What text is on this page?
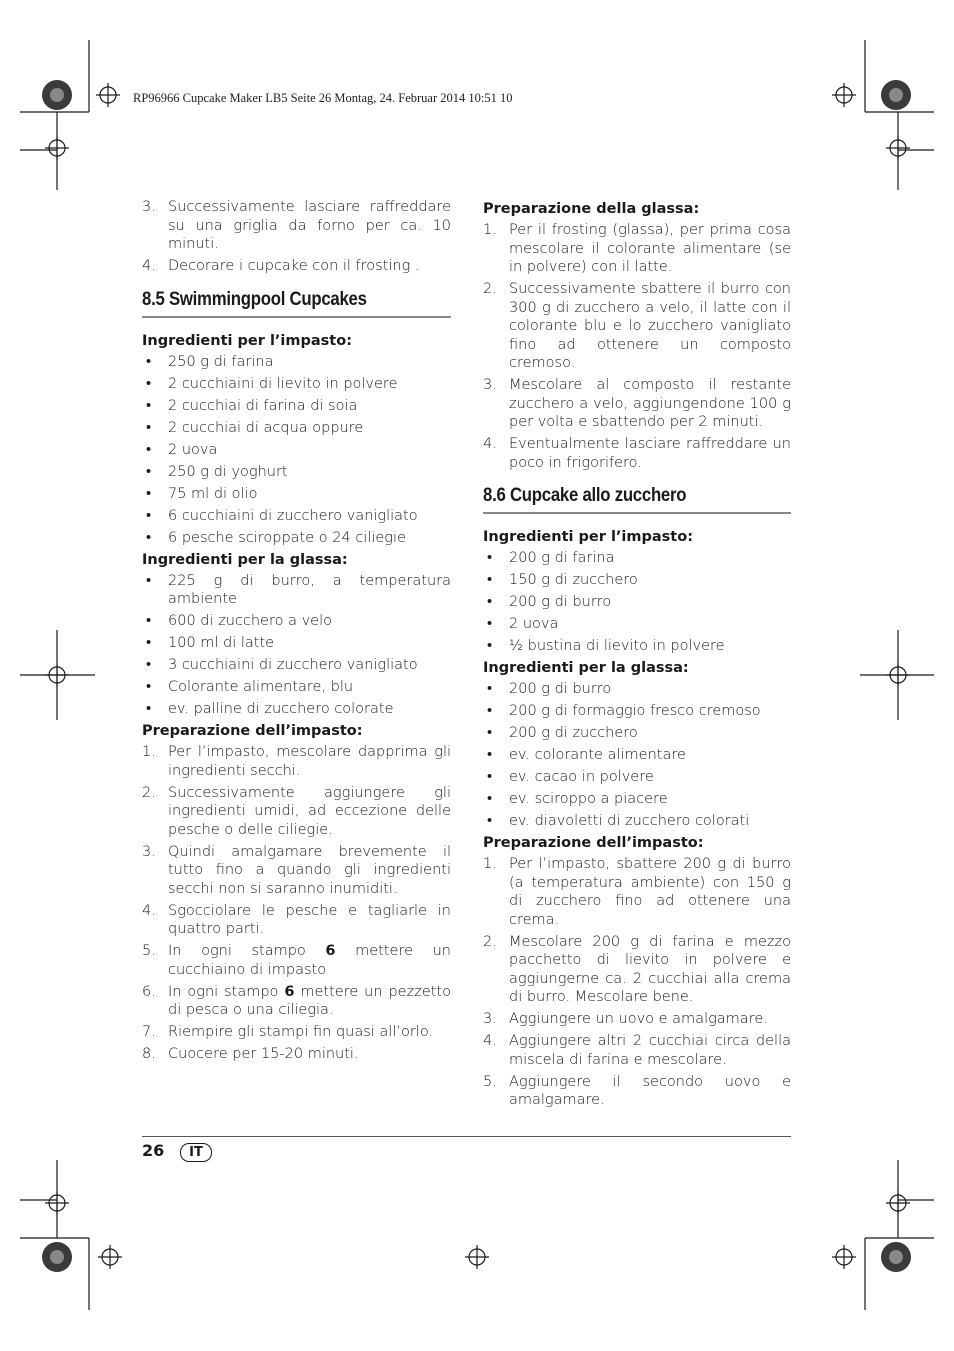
RP96966 Cupcake Maker LB5 Seite 26 Montag, 24. Februar 2014 10:51 10
3. Successivamente lasciare raffreddare su una griglia da forno per ca. 10 minuti.
4. Decorare i cupcake con il frosting .
8.5 Swimmingpool Cupcakes
Ingredienti per l’impasto:
•	250 g di farina
•	2 cucchiaini di lievito in polvere
•	2 cucchiai di farina di soia
•	2 cucchiai di acqua oppure
•	2 uova
•	250 g di yoghurt
•	75 ml di olio
•	6 cucchiaini di zucchero vanigliato
•	6 pesche sciroppate o 24 ciliegie
Ingredienti per la glassa:
•	225 g di burro, a temperatura ambiente
•	600 di zucchero a velo
•	100 ml di latte
•	3 cucchiaini di zucchero vanigliato
•	Colorante alimentare, blu
•	ev. palline di zucchero colorate
Preparazione dell’impasto:
1. Per l’impasto, mescolare dapprima gli ingredienti secchi.
2. Successivamente aggiungere gli ingredienti umidi, ad eccezione delle pesche o delle ciliegie.
3. Quindi amalgamare brevemente il tutto fino a quando gli ingredienti secchi non si saranno inumiditi.
4. Sgocciolare le pesche e tagliarle in quattro parti.
5. In ogni stampo 6 mettere un cucchiaino di impasto
6. In ogni stampo 6 mettere un pezzetto di pesca o una ciliegia.
7. Riempire gli stampi fin quasi all’orlo.
8. Cuocere per 15-20 minuti.
Preparazione della glassa:
1. Per il frosting (glassa), per prima cosa mescolare il colorante alimentare (se in polvere) con il latte.
2. Successivamente sbattere il burro con 300 g di zucchero a velo, il latte con il colorante blu e lo zucchero vanigliato fino ad ottenere un composto cremoso.
3. Mescolare al composto il restante zucchero a velo, aggiungendone 100 g per volta e sbattendo per 2 minuti.
4. Eventualmente lasciare raffreddare un poco in frigorifero.
8.6 Cupcake allo zucchero
Ingredienti per l’impasto:
•	200 g di farina
•	150 g di zucchero
•	200 g di burro
•	2 uova
•	½ bustina di lievito in polvere
Ingredienti per la glassa:
•	200 g di burro
•	200 g di formaggio fresco cremoso
•	200 g di zucchero
•	ev. colorante alimentare
•	ev. cacao in polvere
•	ev. sciroppo a piacere
•	ev. diavoletti di zucchero colorati
Preparazione dell’impasto:
1. Per l’impasto, sbattere 200 g di burro (a temperatura ambiente) con 150 g di zucchero fino ad ottenere una crema.
2. Mescolare 200 g di farina e mezzo pacchetto di lievito in polvere e aggiungerne ca. 2 cucchiai alla crema di burro. Mescolare bene.
3. Aggiungere un uovo e amalgamare.
4. Aggiungere altri 2 cucchiai circa della miscela di farina e mescolare.
5. Aggiungere il secondo uovo e amalgamare.
26	IT
